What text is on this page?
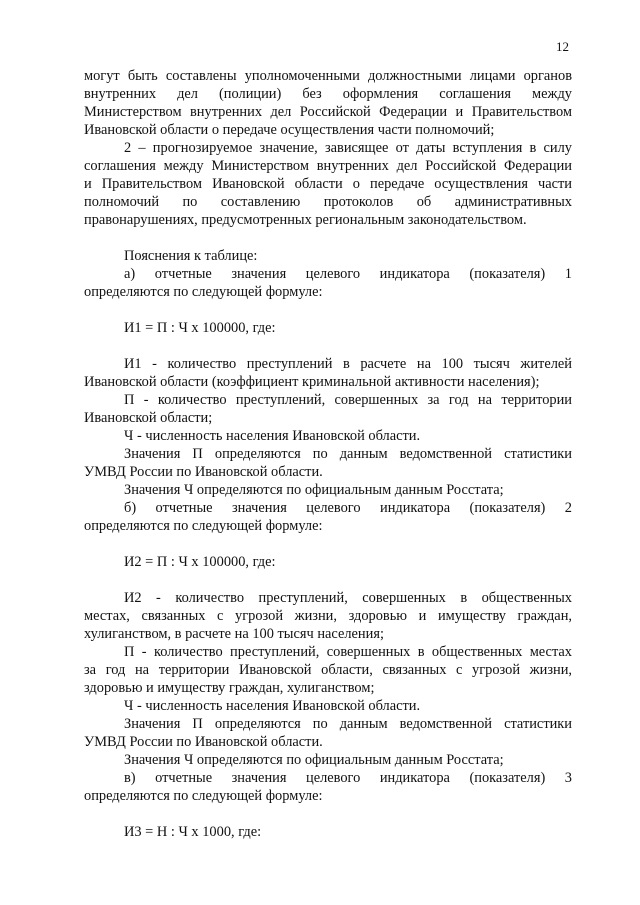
12
могут быть составлены уполномоченными должностными лицами органов
внутренних дел (полиции) без оформления соглашения между
Министерством внутренних дел Российской Федерации и Правительством
Ивановской области о передаче осуществления части полномочий;
2 – прогнозируемое значение, зависящее от даты вступления в силу
соглашения между Министерством внутренних дел Российской Федерации
и Правительством Ивановской области о передаче осуществления части
полномочий по составлению протоколов об административных
правонарушениях, предусмотренных региональным законодательством.
Пояснения к таблице:
а) отчетные значения целевого индикатора (показателя) 1
определяются по следующей формуле:
И1 = П : Ч х 100000, где:
И1 - количество преступлений в расчете на 100 тысяч жителей
Ивановской области (коэффициент криминальной активности населения);
П - количество преступлений, совершенных за год на территории
Ивановской области;
Ч - численность населения Ивановской области.
Значения П определяются по данным ведомственной статистики
УМВД России по Ивановской области.
Значения Ч определяются по официальным данным Росстата;
б) отчетные значения целевого индикатора (показателя) 2
определяются по следующей формуле:
И2 = П : Ч х 100000, где:
И2 - количество преступлений, совершенных в общественных
местах, связанных с угрозой жизни, здоровью и имуществу граждан,
хулиганством, в расчете на 100 тысяч населения;
П - количество преступлений, совершенных в общественных местах
за год на территории Ивановской области, связанных с угрозой жизни,
здоровью и имуществу граждан, хулиганством;
Ч - численность населения Ивановской области.
Значения П определяются по данным ведомственной статистики
УМВД России по Ивановской области.
Значения Ч определяются по официальным данным Росстата;
в) отчетные значения целевого индикатора (показателя) 3
определяются по следующей формуле:
И3 = Н : Ч х 1000, где:
